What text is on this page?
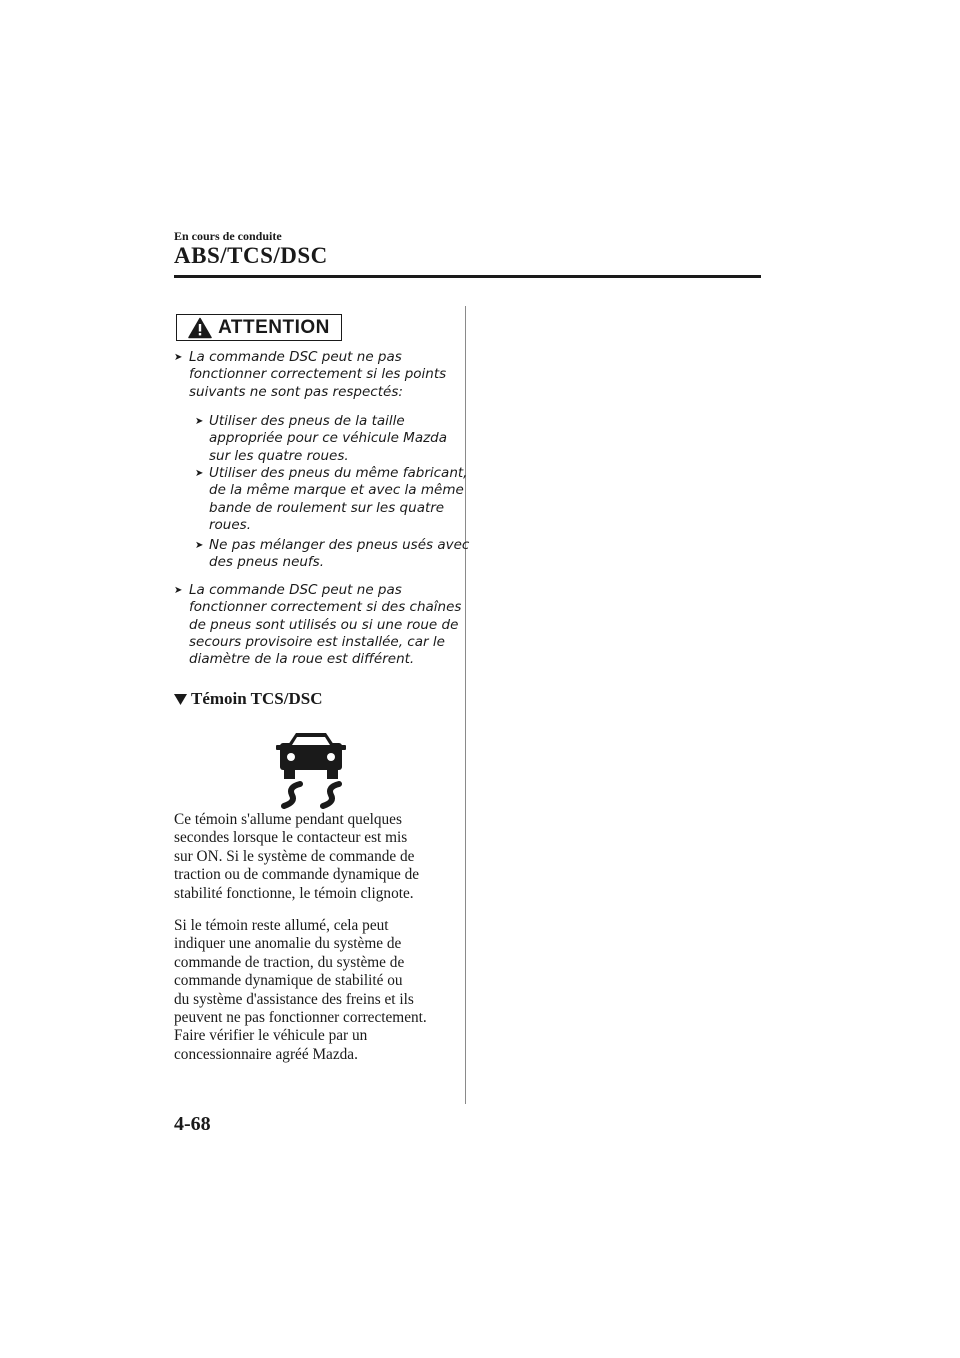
En cours de conduite
ABS/TCS/DSC
ATTENTION
➤ La commande DSC peut ne pas
fonctionner correctement si les points
suivants ne sont pas respectés:
➤ Utiliser des pneus de la taille
appropriée pour ce véhicule Mazda
sur les quatre roues.
➤ Utiliser des pneus du même fabricant,
de la même marque et avec la même
bande de roulement sur les quatre
roues.
➤ Ne pas mélanger des pneus usés avec
des pneus neufs.
➤ La commande DSC peut ne pas
fonctionner correctement si des chaînes
de pneus sont utilisés ou si une roue de
secours provisoire est installée, car le
diamètre de la roue est différent.
Témoin TCS/DSC
Ce témoin s'allume pendant quelques
secondes lorsque le contacteur est mis
sur ON. Si le système de commande de
traction ou de commande dynamique de
stabilité fonctionne, le témoin clignote.
Si le témoin reste allumé, cela peut
indiquer une anomalie du système de
commande de traction, du système de
commande dynamique de stabilité ou
du système d'assistance des freins et ils
peuvent ne pas fonctionner correctement.
Faire vérifier le véhicule par un
concessionnaire agréé Mazda.
4-68
